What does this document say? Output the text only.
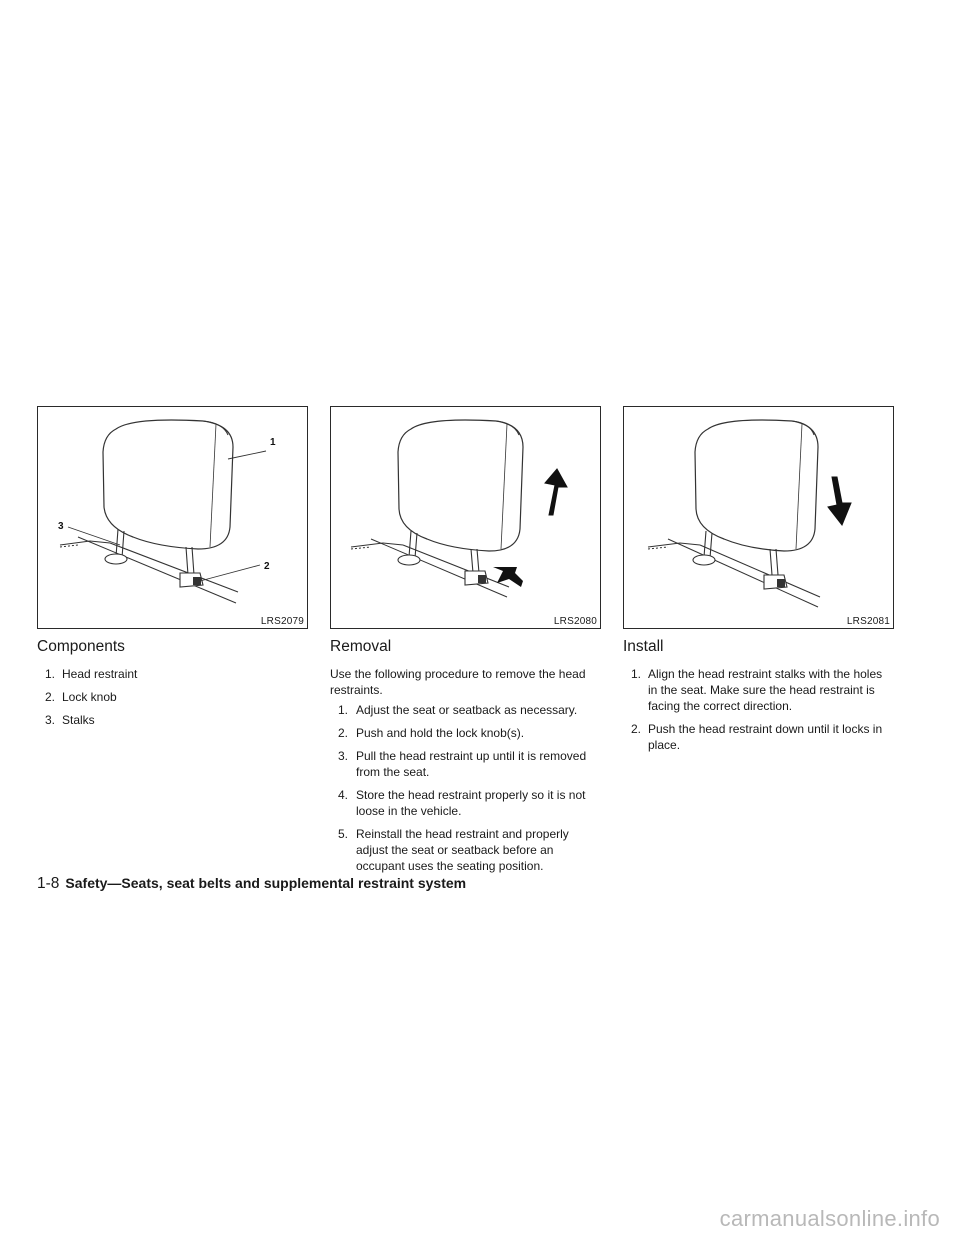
1
2
3
LRS2079
Components
1. Head restraint
2. Lock knob
3. Stalks
LRS2080
Removal

Use the following procedure to remove the head restraints.

1. Adjust the seat or seatback as necessary.
2. Push and hold the lock knob(s).
3. Pull the head restraint up until it is removed from the seat.
4. Store the head restraint properly so it is not loose in the vehicle.
5. Reinstall the head restraint and properly adjust the seat or seatback before an occupant uses the seating position.
LRS2081
Install
1. Align the head restraint stalks with the holes in the seat. Make sure the head restraint is facing the correct direction.
2. Push the head restraint down until it locks in place.
1-8 Safety—Seats, seat belts and supplemental restraint system
carmanualsonline.info
